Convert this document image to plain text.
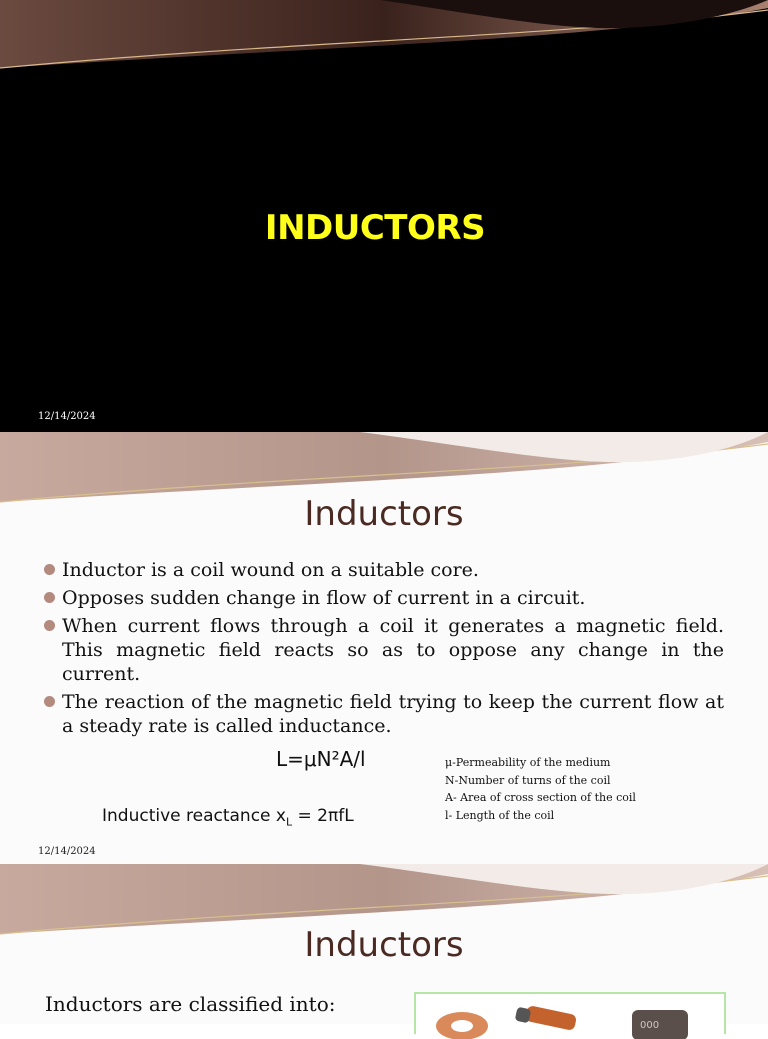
INDUCTORS
12/14/2024
Inductors
Inductor is a coil wound on a suitable core.
Opposes sudden change in flow of current in a circuit.
When current flows through a coil it generates a magnetic field. This magnetic field reacts so as to oppose any change in the current.
The reaction of the magnetic field trying to keep the current flow at a steady rate is called inductance.
L=μN²A/l	μ-Permeability of the medium
N-Number of turns of the coil
A- Area of cross section of the coil
l- Length of the coil
Inductive reactance $x_L = 2\pi fL$
12/14/2024
Inductors
Inductors are classified into:
000
